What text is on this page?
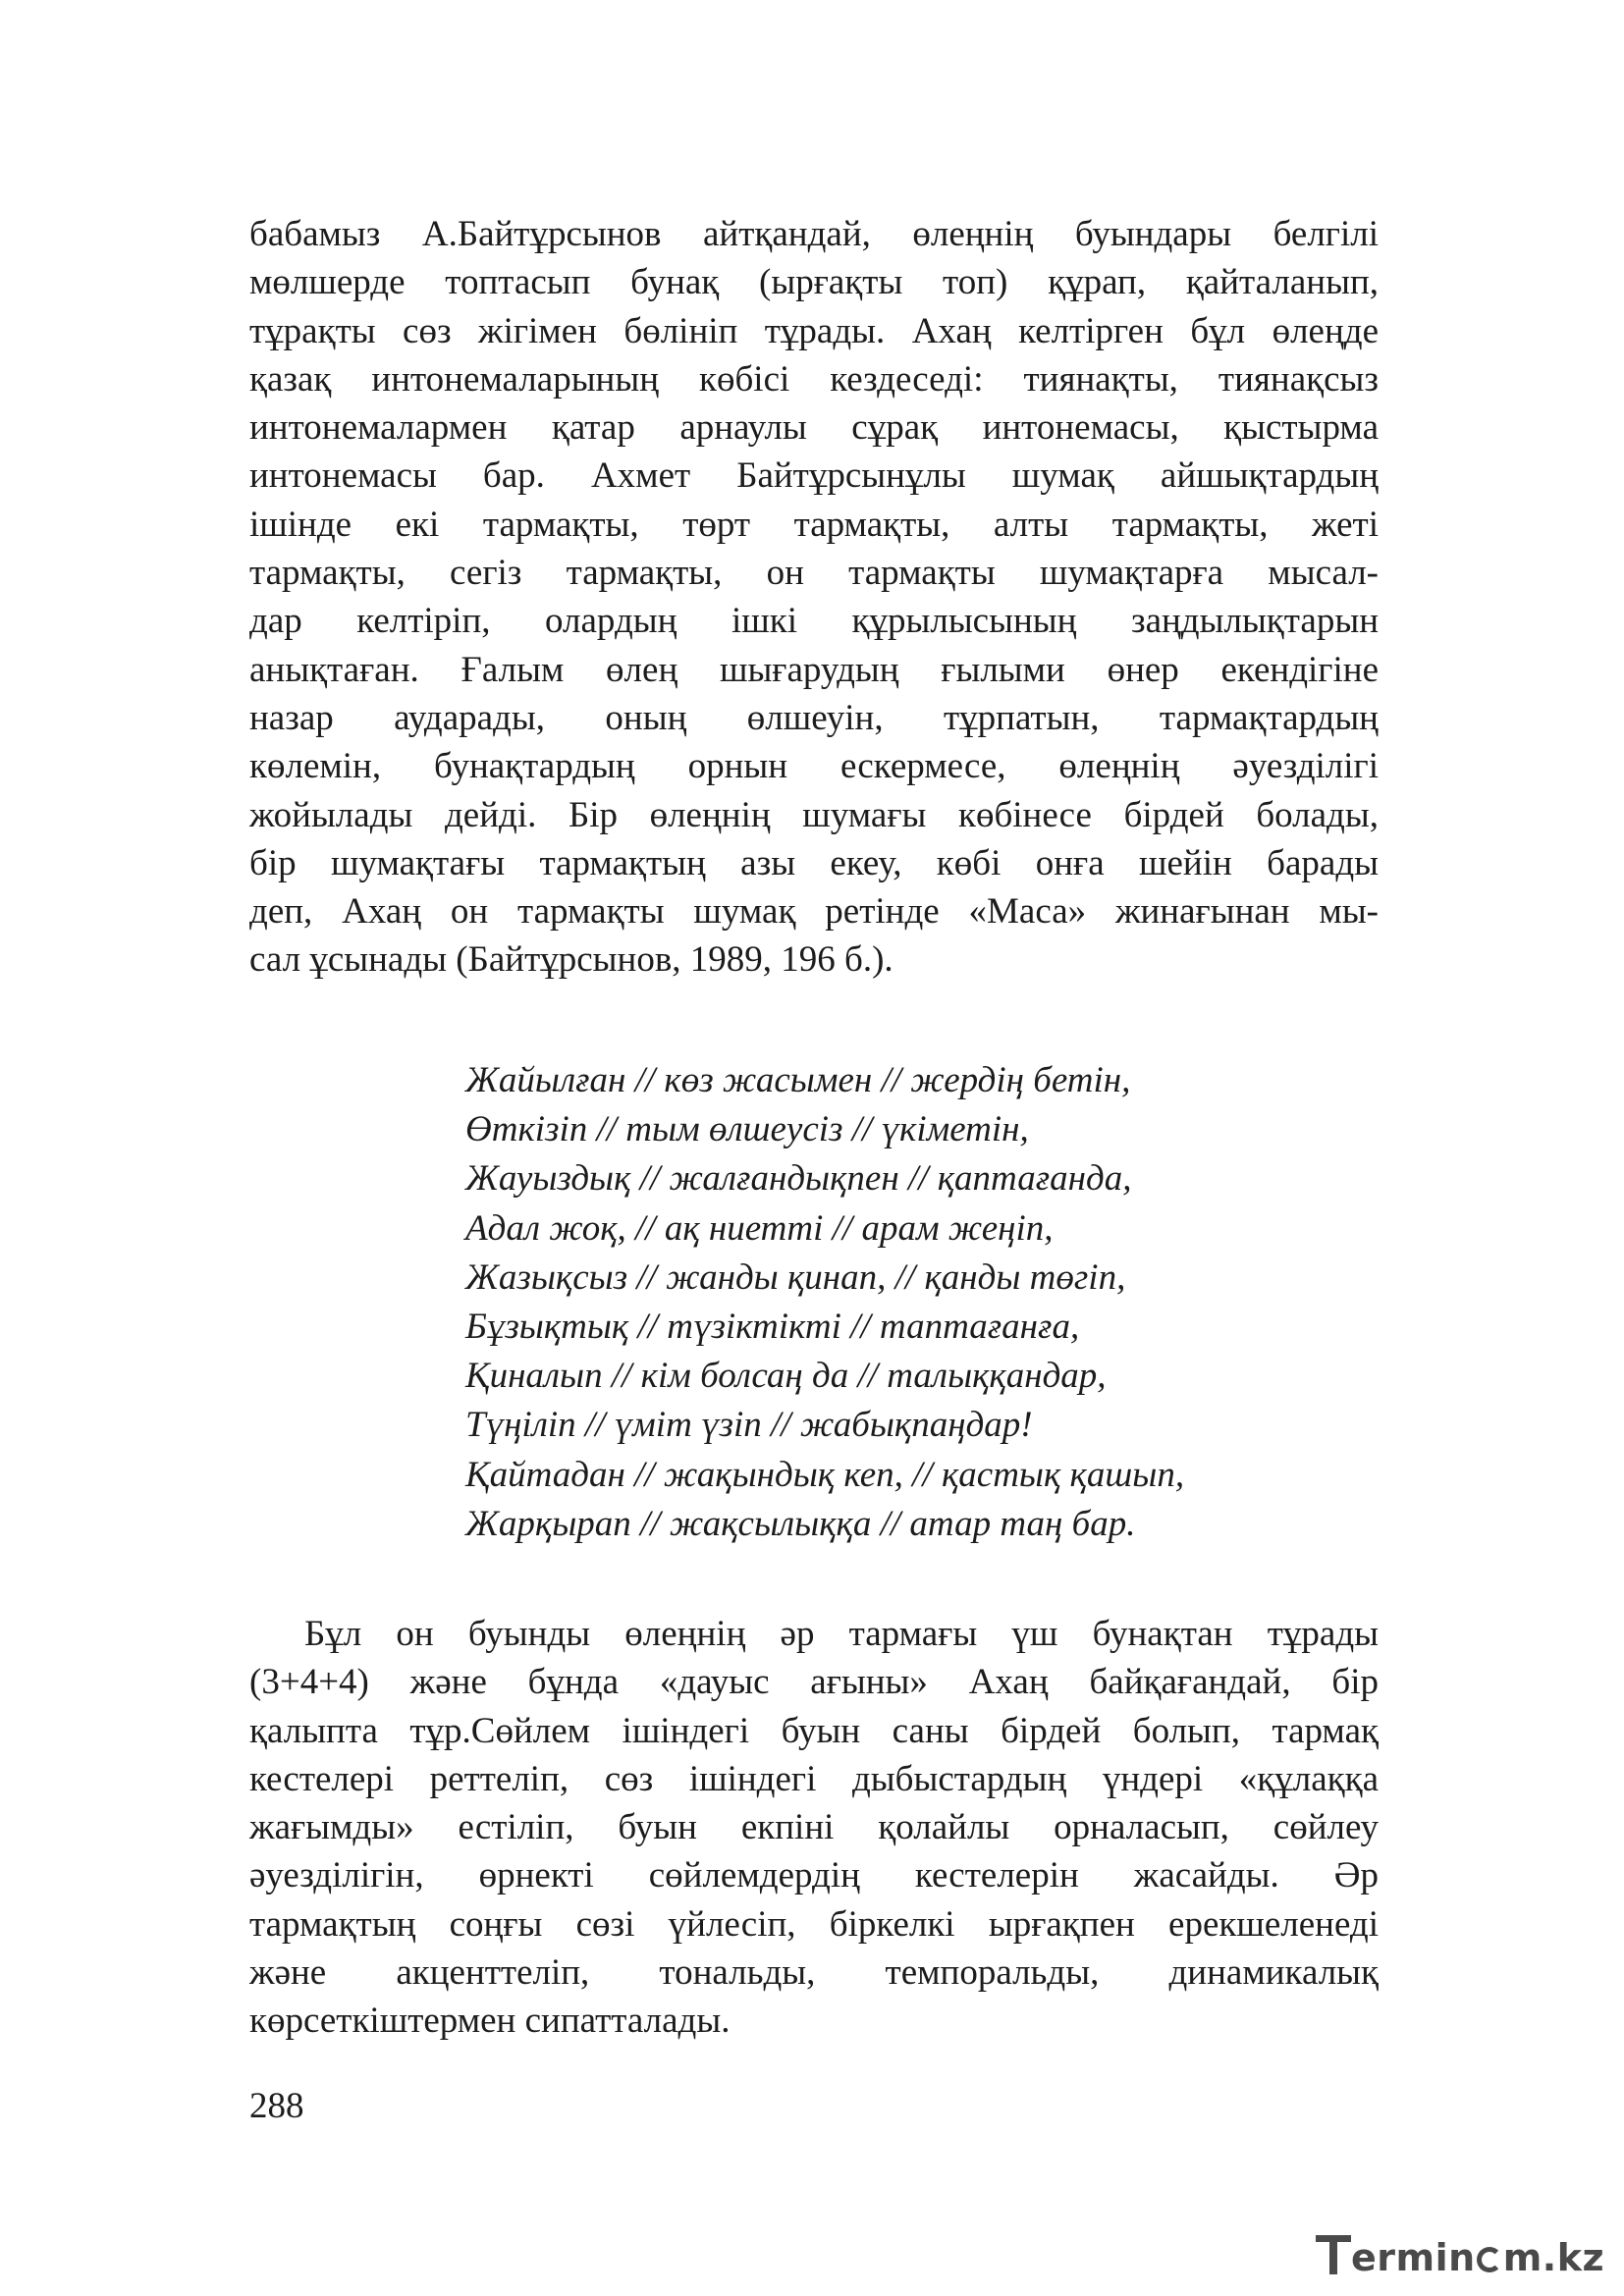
бабамыз А.Байтұрсынов айтқандай, өлеңнің буындары белгілі
мөлшерде топтасып бунақ (ырғақты топ) құрап, қайталанып,
тұрақты сөз жігімен бөлініп тұрады. Ахаң келтірген бұл өлеңде
қазақ интонемаларының көбісі кездеседі: тиянақты, тиянақсыз
интонемалармен қатар арнаулы сұрақ интонемасы, қыстырма
интонемасы бар. Ахмет Байтұрсынұлы шумақ айшықтардың
ішінде екі тармақты, төрт тармақты, алты тармақты, жеті
тармақты, сегіз тармақты, он тармақты шумақтарға мысал-
дар келтіріп, олардың ішкі құрылысының заңдылықтарын
анықтаған. Ғалым өлең шығарудың ғылыми өнер екендігіне
назар аударады, оның өлшеуін, тұрпатын, тармақтардың
көлемін, бунақтардың орнын ескермесе, өлеңнің әуезділігі
жойылады дейді. Бір өлеңнің шумағы көбінесе бірдей болады,
бір шумақтағы тармақтың азы екеу, көбі онға шейін барады
деп, Ахаң он тармақты шумақ ретінде «Маса» жинағынан мы-
сал ұсынады (Байтұрсынов, 1989, 196 б.).
Жайылған // көз жасымен // жердің бетін,
Өткізіп // тым өлшеусіз // үкіметін,
Жауыздық // жалғандықпен // қаптағанда,
Адал жоқ, // ақ ниетті // арам жеңіп,
Жазықсыз // жанды қинап, // қанды төгіп,
Бұзықтық // түзіктікті // таптағанға,
Қиналып // кім болсаң да // талыққандар,
Түңіліп // үміт үзіп // жабықпаңдар!
Қайтадан // жақындық кеп, // қастық қашып,
Жарқырап // жақсылыққа // атар таң бар.
Бұл он буынды өлеңнің әр тармағы үш бунақтан тұрады
(3+4+4) және бұнда «дауыс ағыны» Ахаң байқағандай, бір
қалыпта тұр.Сөйлем ішіндегі буын саны бірдей болып, тармақ
кестелері реттеліп, сөз ішіндегі дыбыстардың үндері «құлаққа
жағымды» естіліп, буын екпіні қолайлы орналасып, сөйлеу
әуезділігін, өрнекті сөйлемдердің кестелерін жасайды. Әр
тармақтың соңғы сөзі үйлесіп, біркелкі ырғақпен ерекшеленеді
және акценттеліп, тональды, темпоральды, динамикалық
көрсеткіштермен сипатталады.
288
ermin m.kz
